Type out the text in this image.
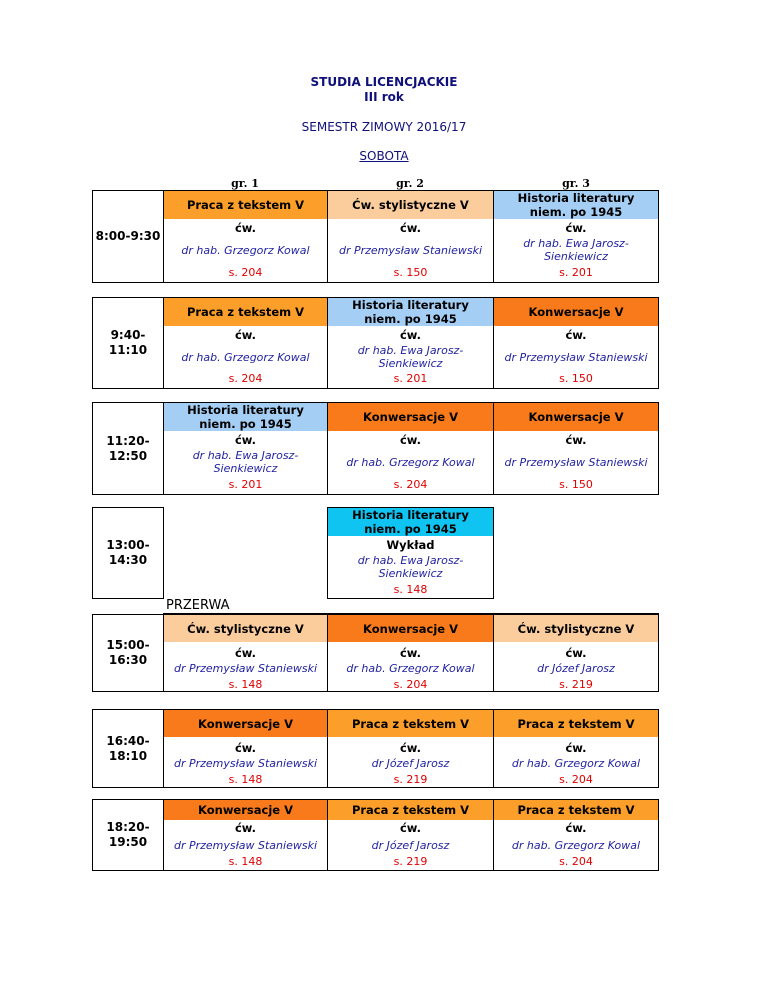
STUDIA LICENCJACKIE
III rok
SEMESTR ZIMOWY 2016/17
SOBOTA
gr. 1	gr. 2	gr. 3
8:00-9:30
Praca z tekstem V
ćw.
dr hab. Grzegorz Kowal
s. 204
Ćw. stylistyczne V
ćw.
dr Przemysław Staniewski
s. 150
Historia literatury niem. po 1945
ćw.
dr hab. Ewa Jarosz-Sienkiewicz
s. 201
9:40-11:10
Praca z tekstem V
ćw.
dr hab. Grzegorz Kowal
s. 204
Historia literatury niem. po 1945
ćw.
dr hab. Ewa Jarosz-Sienkiewicz
s. 201
Konwersacje V
ćw.
dr Przemysław Staniewski
s. 150
11:20-12:50
Historia literatury niem. po 1945
ćw.
dr hab. Ewa Jarosz-Sienkiewicz
s. 201
Konwersacje V
ćw.
dr hab. Grzegorz Kowal
s. 204
Konwersacje V
ćw.
dr Przemysław Staniewski
s. 150
13:00-14:30
Historia literatury niem. po 1945
Wykład
dr hab. Ewa Jarosz-Sienkiewicz
s. 148
PRZERWA
15:00-16:30
Ćw. stylistyczne V
ćw.
dr Przemysław Staniewski
s. 148
Konwersacje V
ćw.
dr hab. Grzegorz Kowal
s. 204
Ćw. stylistyczne V
ćw.
dr Józef Jarosz
s. 219
16:40-18:10
Konwersacje V
ćw.
dr Przemysław Staniewski
s. 148
Praca z tekstem V
ćw.
dr Józef Jarosz
s. 219
Praca z tekstem V
ćw.
dr hab. Grzegorz Kowal
s. 204
18:20-19:50
Konwersacje V
ćw.
dr Przemysław Staniewski
s. 148
Praca z tekstem V
ćw.
dr Józef Jarosz
s. 219
Praca z tekstem V
ćw.
dr hab. Grzegorz Kowal
s. 204
